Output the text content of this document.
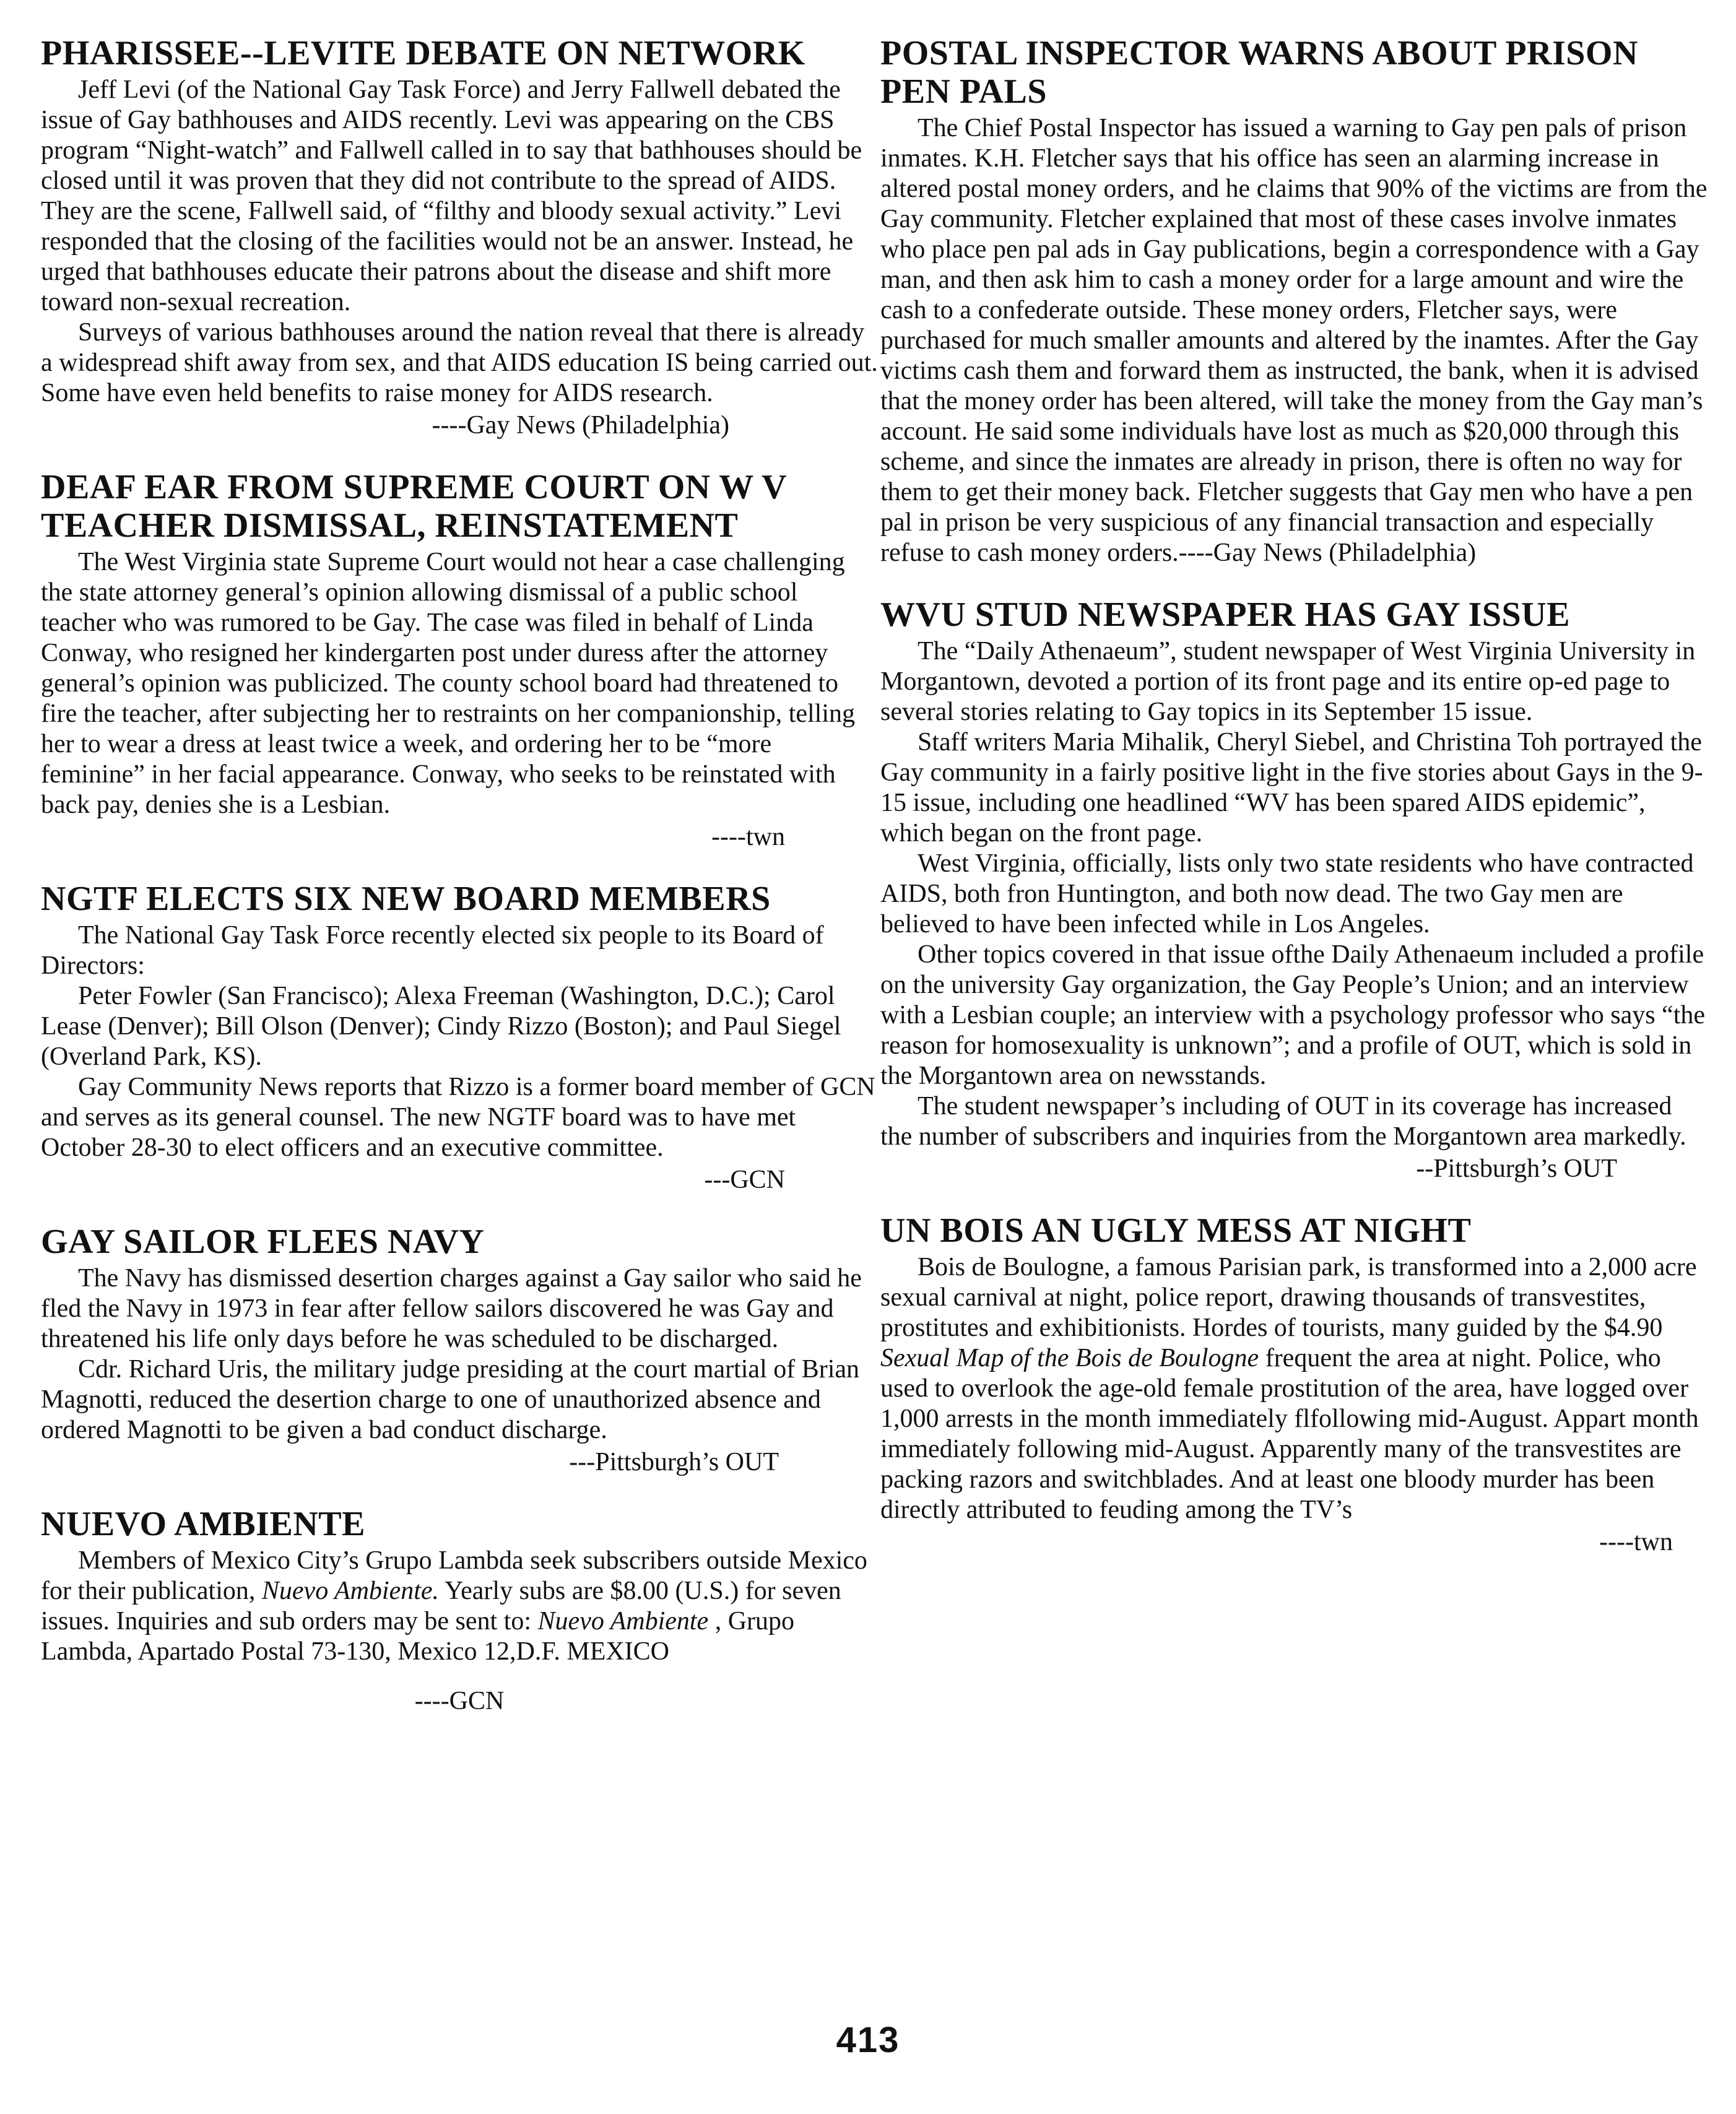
PHARISSEE--LEVITE DEBATE ON NETWORK

Jeff Levi (of the National Gay Task Force) and Jerry Fallwell debated the issue of Gay bathhouses and AIDS recently. Levi was appearing on the CBS program “Night-watch” and Fallwell called in to say that bathhouses should be closed until it was proven that they did not contribute to the spread of AIDS. They are the scene, Fallwell said, of “filthy and bloody sexual activity.” Levi responded that the closing of the facilities would not be an answer. Instead, he urged that bathhouses educate their patrons about the disease and shift more toward non-sexual recreation.

Surveys of various bathhouses around the nation reveal that there is already a widespread shift away from sex, and that AIDS education IS being carried out. Some have even held benefits to raise money for AIDS research.

----Gay News (Philadelphia)
DEAF EAR FROM SUPREME COURT ON W V TEACHER DISMISSAL, REINSTATEMENT

The West Virginia state Supreme Court would not hear a case challenging the state attorney general’s opinion allowing dismissal of a public school teacher who was rumored to be Gay. The case was filed in behalf of Linda Conway, who resigned her kindergarten post under duress after the attorney general’s opinion was publicized. The county school board had threatened to fire the teacher, after subjecting her to restraints on her companionship, telling her to wear a dress at least twice a week, and ordering her to be “more feminine” in her facial appearance. Conway, who seeks to be reinstated with back pay, denies she is a Lesbian.

----twn
NGTF ELECTS SIX NEW BOARD MEMBERS

The National Gay Task Force recently elected six people to its Board of Directors:

Peter Fowler (San Francisco); Alexa Freeman (Washington, D.C.); Carol Lease (Denver); Bill Olson (Denver); Cindy Rizzo (Boston); and Paul Siegel (Overland Park, KS).

Gay Community News reports that Rizzo is a former board member of GCN and serves as its general counsel. The new NGTF board was to have met October 28-30 to elect officers and an executive committee.

---GCN
GAY SAILOR FLEES NAVY

The Navy has dismissed desertion charges against a Gay sailor who said he fled the Navy in 1973 in fear after fellow sailors discovered he was Gay and threatened his life only days before he was scheduled to be discharged.

Cdr. Richard Uris, the military judge presiding at the court martial of Brian Magnotti, reduced the desertion charge to one of unauthorized absence and ordered Magnotti to be given a bad conduct discharge.

---Pittsburgh’s OUT
NUEVO AMBIENTE

Members of Mexico City’s Grupo Lambda seek subscribers outside Mexico for their publication, Nuevo Ambiente. Yearly subs are $8.00 (U.S.) for seven issues. Inquiries and sub orders may be sent to: Nuevo Ambiente , Grupo Lambda, Apartado Postal 73-130, Mexico 12,D.F. MEXICO

----GCN
POSTAL INSPECTOR WARNS ABOUT PRISON PEN PALS

The Chief Postal Inspector has issued a warning to Gay pen pals of prison inmates. K.H. Fletcher says that his office has seen an alarming increase in altered postal money orders, and he claims that 90% of the victims are from the Gay community. Fletcher explained that most of these cases involve inmates who place pen pal ads in Gay publications, begin a correspondence with a Gay man, and then ask him to cash a money order for a large amount and wire the cash to a confederate outside. These money orders, Fletcher says, were purchased for much smaller amounts and altered by the inamtes. After the Gay victims cash them and forward them as instructed, the bank, when it is advised that the money order has been altered, will take the money from the Gay man’s account. He said some individuals have lost as much as $20,000 through this scheme, and since the inmates are already in prison, there is often no way for them to get their money back. Fletcher suggests that Gay men who have a pen pal in prison be very suspicious of any financial transaction and especially refuse to cash money orders.----Gay News (Philadelphia)

WVU STUD NEWSPAPER HAS GAY ISSUE

The “Daily Athenaeum”, student newspaper of West Virginia University in Morgantown, devoted a portion of its front page and its entire op-ed page to several stories relating to Gay topics in its September 15 issue.

Staff writers Maria Mihalik, Cheryl Siebel, and Christina Toh portrayed the Gay community in a fairly positive light in the five stories about Gays in the 9-15 issue, including one headlined “WV has been spared AIDS epidemic”, which began on the front page.

West Virginia, officially, lists only two state residents who have contracted AIDS, both fron Huntington, and both now dead. The two Gay men are believed to have been infected while in Los Angeles.

Other topics covered in that issue ofthe Daily Athenaeum included a profile on the university Gay organization, the Gay People’s Union; and an interview with a Lesbian couple; an interview with a psychology professor who says “the reason for homosexuality is unknown”; and a profile of OUT, which is sold in the Morgantown area on newsstands.

The student newspaper’s including of OUT in its coverage has increased the number of subscribers and inquiries from the Morgantown area markedly.

--Pittsburgh’s OUT
UN BOIS AN UGLY MESS AT NIGHT

Bois de Boulogne, a famous Parisian park, is transformed into a 2,000 acre sexual carnival at night, police report, drawing thousands of transvestites, prostitutes and exhibitionists. Hordes of tourists, many guided by the $4.90 Sexual Map of the Bois de Boulogne frequent the area at night. Police, who used to overlook the age-old female prostitution of the area, have logged over 1,000 arrests in the month immediately flfollowing mid-August. Appart month immediately following mid-August. Apparently many of the transvestites are packing razors and switchblades. And at least one bloody murder has been directly attributed to feuding among the TV’s

----twn
413
